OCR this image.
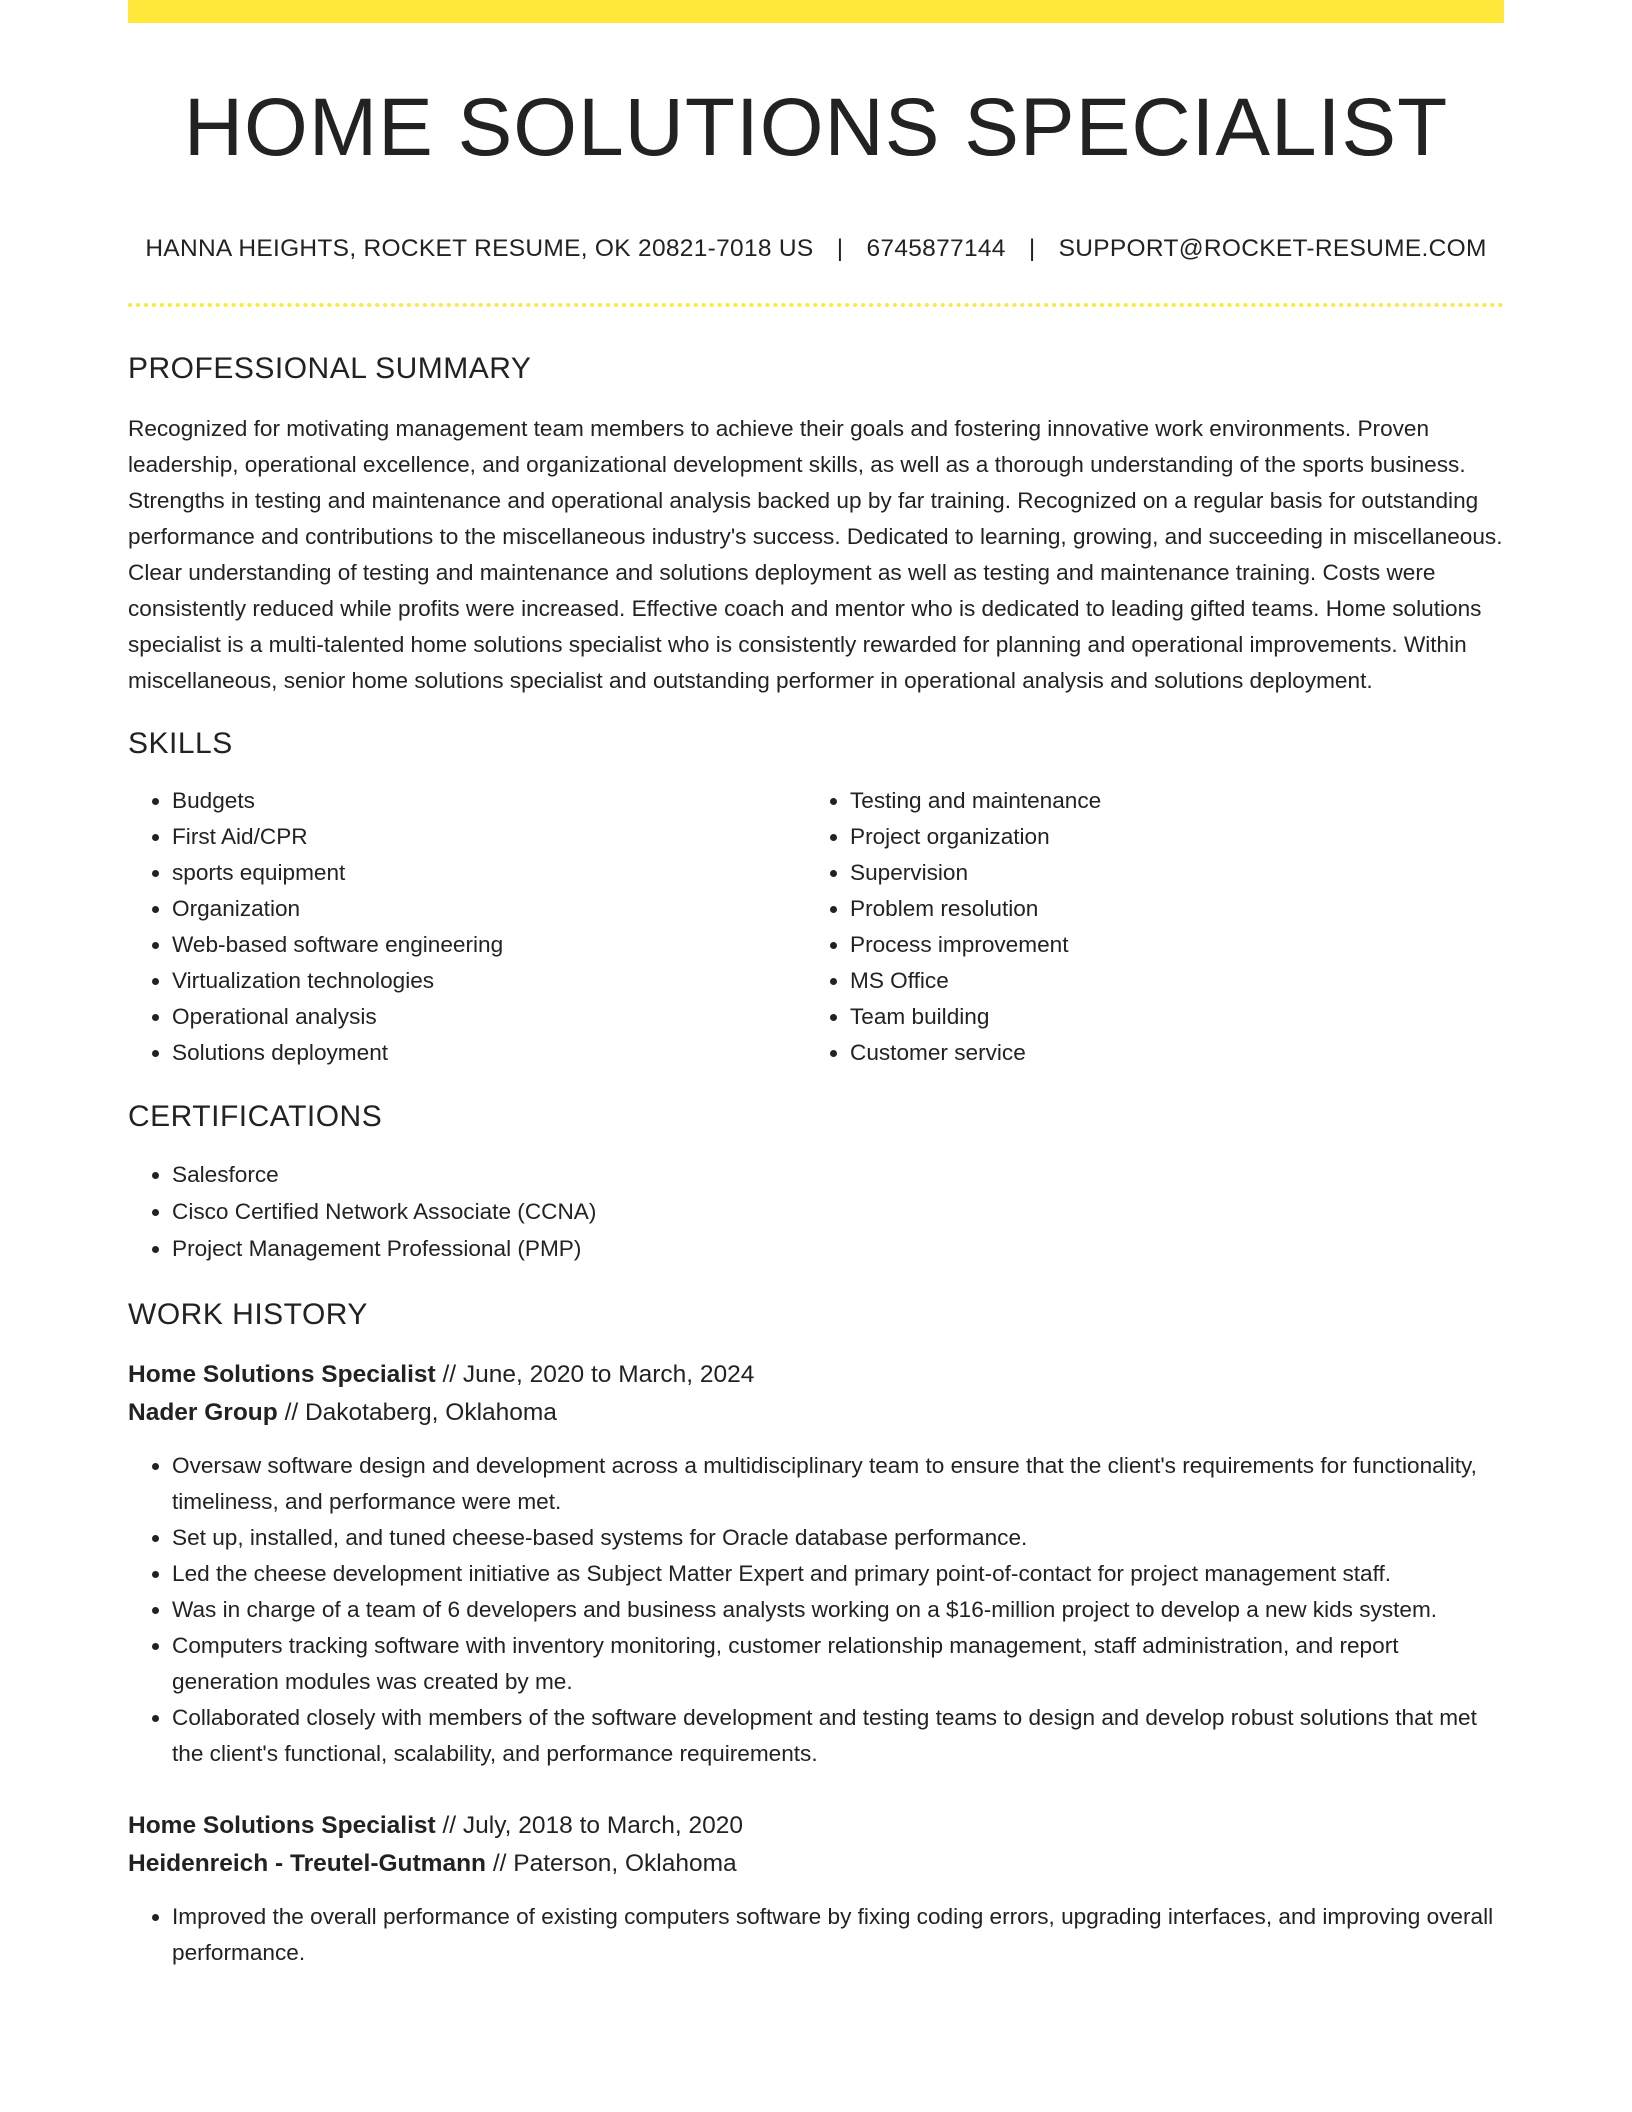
HOME SOLUTIONS SPECIALIST
HANNA HEIGHTS, ROCKET RESUME, OK 20821-7018 US | 6745877144 | SUPPORT@ROCKET-RESUME.COM
PROFESSIONAL SUMMARY

Recognized for motivating management team members to achieve their goals and fostering innovative work environments. Proven leadership, operational excellence, and organizational development skills, as well as a thorough understanding of the sports business. Strengths in testing and maintenance and operational analysis backed up by far training. Recognized on a regular basis for outstanding performance and contributions to the miscellaneous industry's success. Dedicated to learning, growing, and succeeding in miscellaneous. Clear understanding of testing and maintenance and solutions deployment as well as testing and maintenance training. Costs were consistently reduced while profits were increased. Effective coach and mentor who is dedicated to leading gifted teams. Home solutions specialist is a multi-talented home solutions specialist who is consistently rewarded for planning and operational improvements. Within miscellaneous, senior home solutions specialist and outstanding performer in operational analysis and solutions deployment.

SKILLS
• Budgets
• First Aid/CPR
• sports equipment
• Organization
• Web-based software engineering
• Virtualization technologies
• Operational analysis
• Solutions deployment
• Testing and maintenance
• Project organization
• Supervision
• Problem resolution
• Process improvement
• MS Office
• Team building
• Customer service
CERTIFICATIONS
• Salesforce
• Cisco Certified Network Associate (CCNA)
• Project Management Professional (PMP)
WORK HISTORY
Home Solutions Specialist // June, 2020 to March, 2024
Nader Group // Dakotaberg, Oklahoma
• Oversaw software design and development across a multidisciplinary team to ensure that the client's requirements for functionality, timeliness, and performance were met.
• Set up, installed, and tuned cheese-based systems for Oracle database performance.
• Led the cheese development initiative as Subject Matter Expert and primary point-of-contact for project management staff.
• Was in charge of a team of 6 developers and business analysts working on a $16-million project to develop a new kids system.
• Computers tracking software with inventory monitoring, customer relationship management, staff administration, and report generation modules was created by me.
• Collaborated closely with members of the software development and testing teams to design and develop robust solutions that met the client's functional, scalability, and performance requirements.
Home Solutions Specialist // July, 2018 to March, 2020
Heidenreich - Treutel-Gutmann // Paterson, Oklahoma
• Improved the overall performance of existing computers software by fixing coding errors, upgrading interfaces, and improving overall performance.
